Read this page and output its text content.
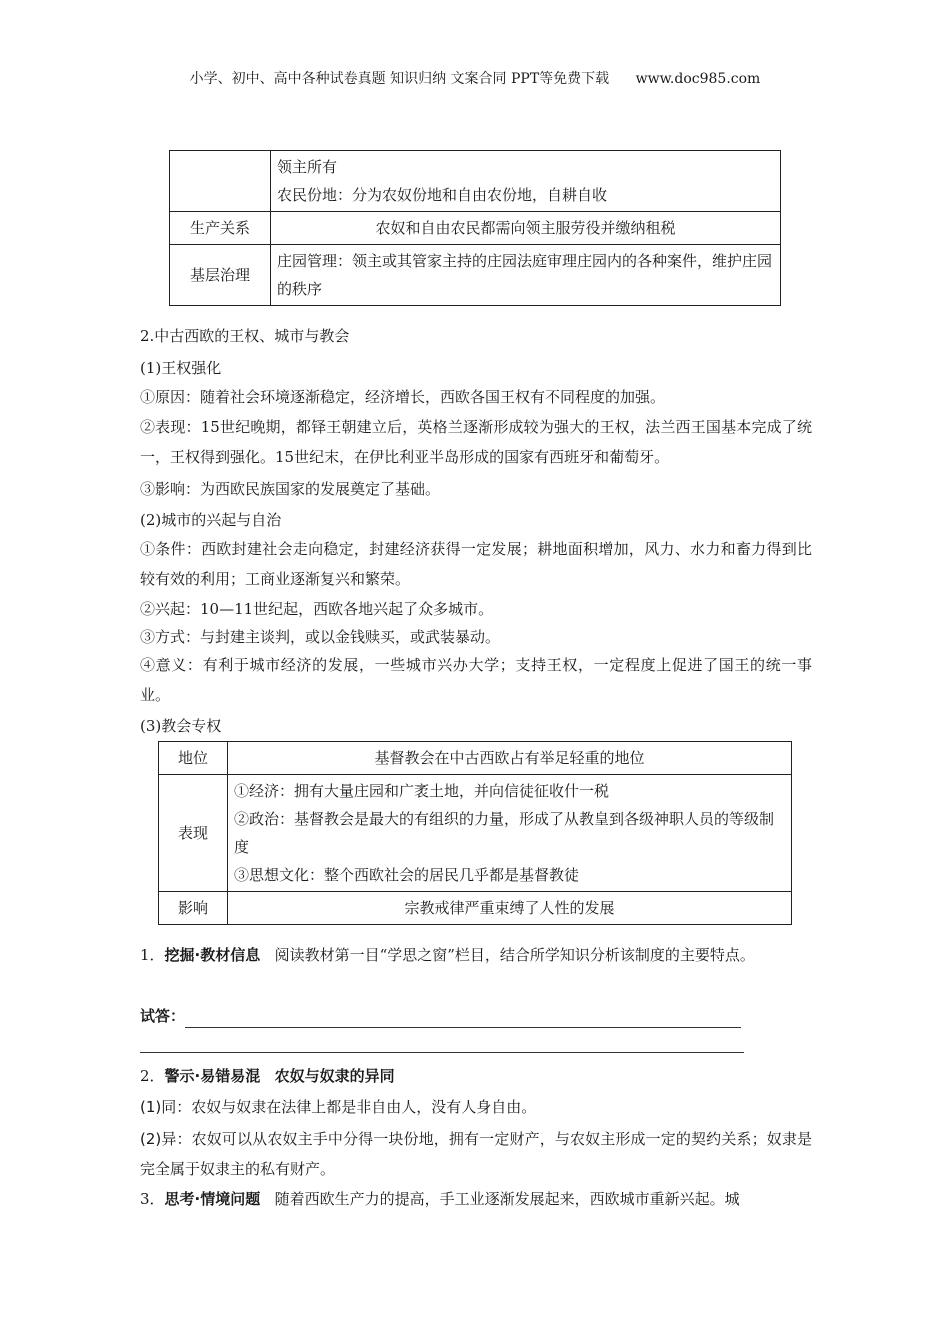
小学、初中、高中各种试卷真题 知识归纳 文案合同 PPT等免费下载 www.doc985.com

	领主所有
农民份地：分为农奴份地和自由农份地，自耕自收

生产关系	农奴和自由农民都需向领主服劳役并缴纳租税
基层治理	庄园管理：领主或其管家主持的庄园法庭审理庄园内的各种案件，维护庄园的秩序
2.中古西欧的王权、城市与教会
(1)王权强化
①原因：随着社会环境逐渐稳定，经济增长，西欧各国王权有不同程度的加强。
②表现：15世纪晚期，都铎王朝建立后，英格兰逐渐形成较为强大的王权，法兰西王国基本完成了统一，王权得到强化。15世纪末，在伊比利亚半岛形成的国家有西班牙和葡萄牙。
③影响：为西欧民族国家的发展奠定了基础。
(2)城市的兴起与自治
①条件：西欧封建社会走向稳定，封建经济获得一定发展；耕地面积增加，风力、水力和畜力得到比较有效的利用；工商业逐渐复兴和繁荣。
②兴起：10—11世纪起，西欧各地兴起了众多城市。
③方式：与封建主谈判，或以金钱赎买，或武装暴动。
④意义：有利于城市经济的发展，一些城市兴办大学；支持王权，一定程度上促进了国王的统一事业。
(3)教会专权
地位	基督教会在中古西欧占有举足轻重的地位
表现	①经济：拥有大量庄园和广袤土地，并向信徒征收什一税
②政治：基督教会是最大的有组织的力量，形成了从教皇到各级神职人员的等级制度
③思想文化：整个西欧社会的居民几乎都是基督教徒

影响	宗教戒律严重束缚了人性的发展
1．挖掘·教材信息 阅读教材第一目“学思之窗”栏目，结合所学知识分析该制度的主要特点。
试答：
2．警示·易错易混 农奴与奴隶的异同
(1)同：农奴与奴隶在法律上都是非自由人，没有人身自由。
(2)异：农奴可以从农奴主手中分得一块份地，拥有一定财产，与农奴主形成一定的契约关系；奴隶是完全属于奴隶主的私有财产。
3．思考·情境问题 随着西欧生产力的提高，手工业逐渐发展起来，西欧城市重新兴起。城
